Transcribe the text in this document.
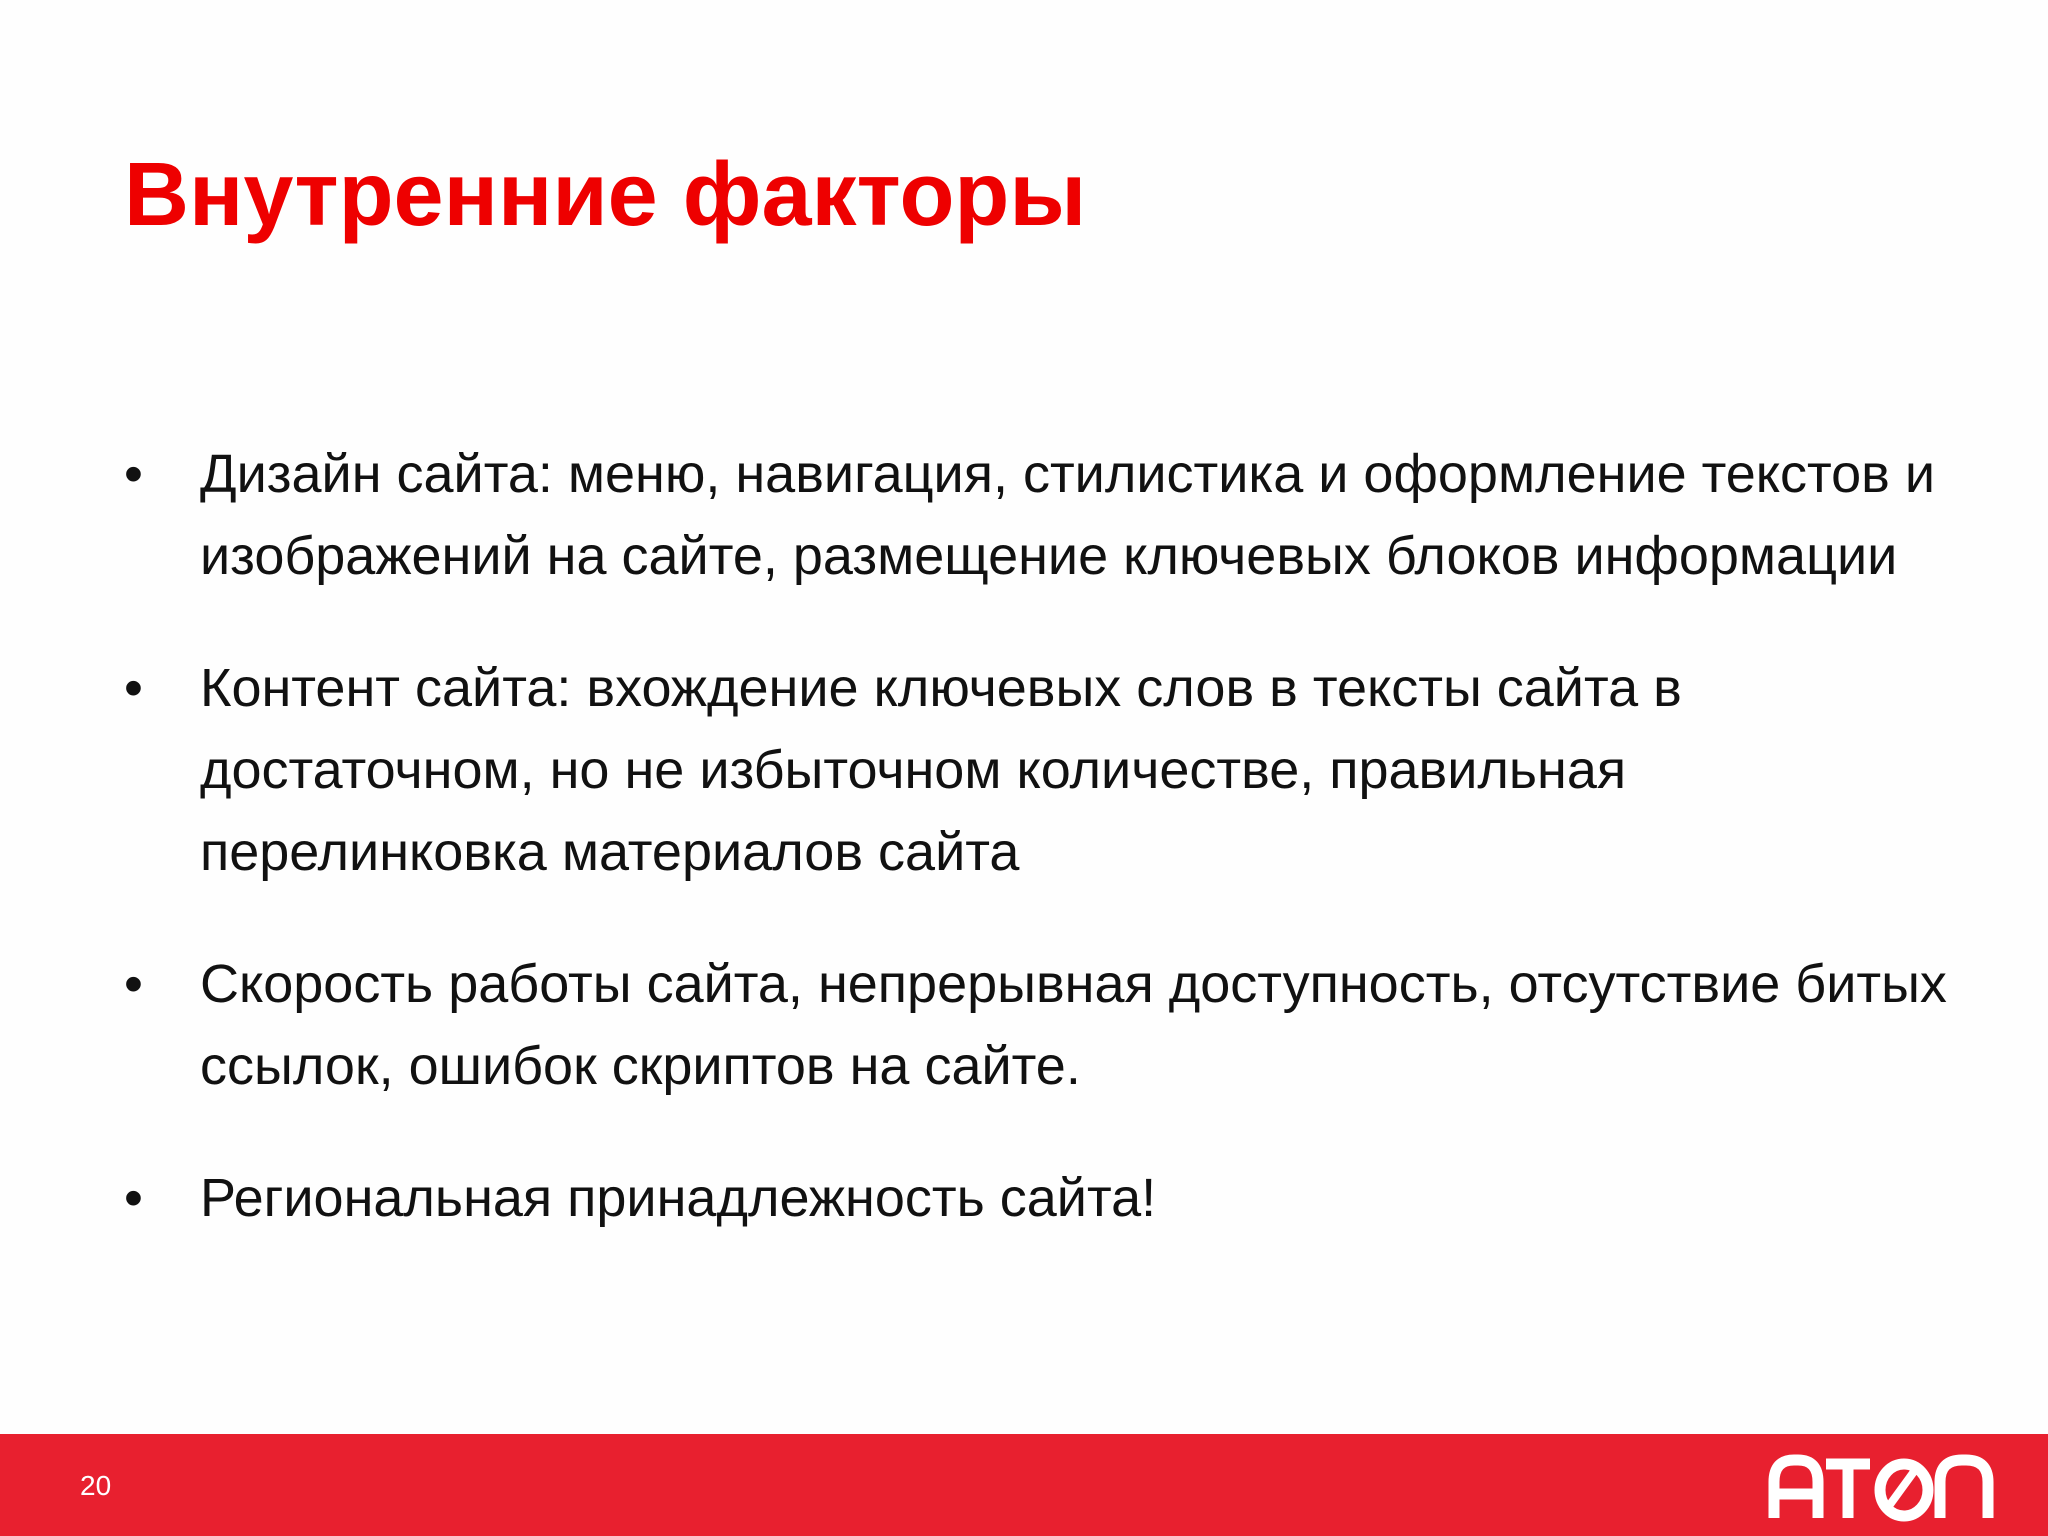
Внутренние факторы
• Дизайн сайта: меню, навигация, стилистика и оформление текстов и изображений на сайте, размещение ключевых блоков информации
• Контент сайта: вхождение ключевых слов в тексты сайта в достаточном, но не избыточном количестве, правильная перелинковка материалов сайта
• Скорость работы сайта, непрерывная доступность, отсутствие битых ссылок, ошибок скриптов на сайте.
• Региональная принадлежность сайта!
20
